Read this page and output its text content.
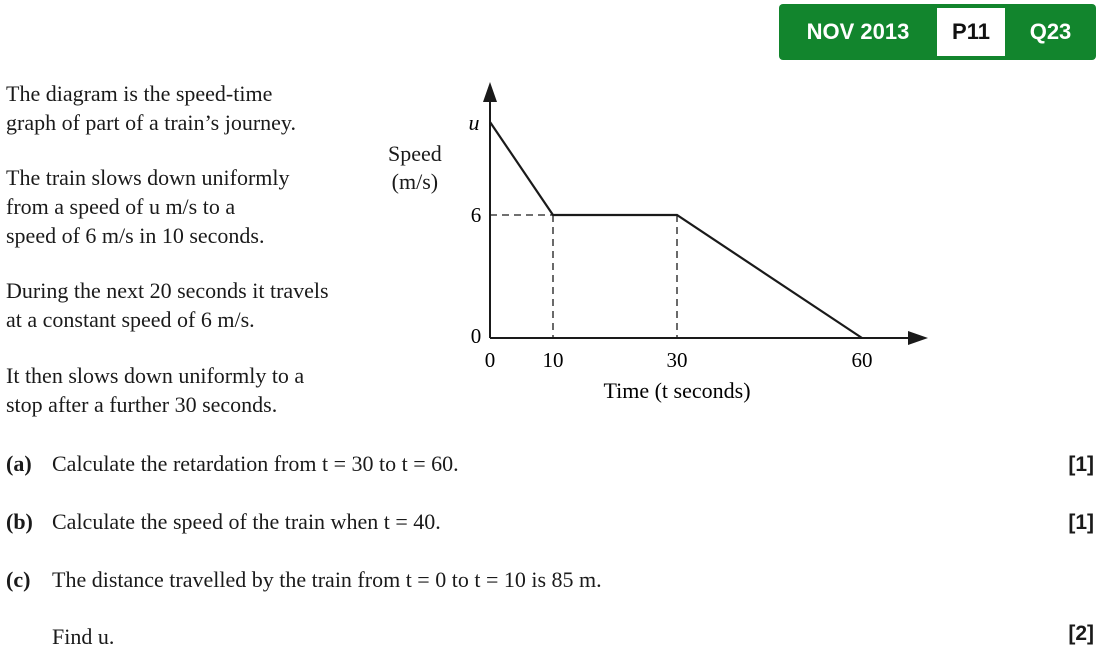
NOV 2013	P11	Q23
The diagram is the speed-time
graph of part of a train’s journey.
The train slows down uniformly
from a speed of u m/s to a
speed of 6 m/s in 10 seconds.
During the next 20 seconds it travels
at a constant speed of 6 m/s.
It then slows down uniformly to a
stop after a further 30 seconds.
Speed
(m/s)
u
6
0
0 10	30	60
Time (t seconds)
(a) Calculate the retardation from t = 30 to t = 60.	[1]
(b) Calculate the speed of the train when t = 40.	[1]
(c) The distance travelled by the train from t = 0 to t = 10 is 85 m.
Find u.	[2]
